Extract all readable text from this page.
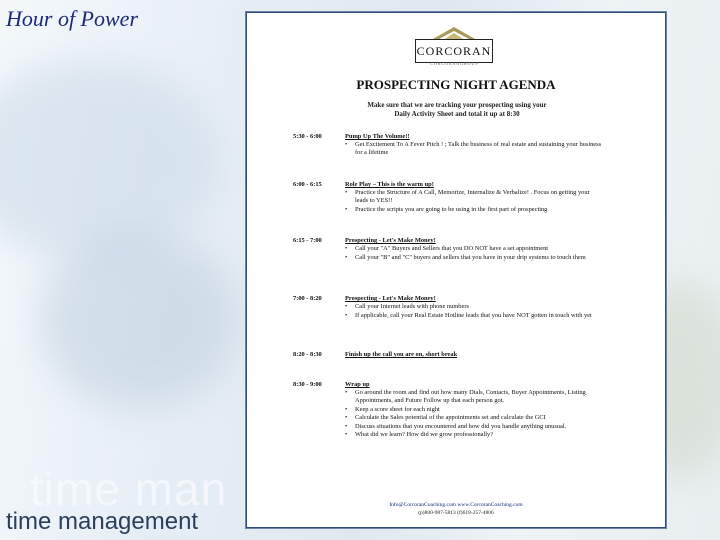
Hour of Power
time man
time management
CORCORAN
C O R C O R A N G R O U P
PROSPECTING NIGHT AGENDA
Make sure that we are tracking your prospecting using your
Daily Activity Sheet and total it up at 8:30
5:30 - 6:00	Pump Up The Volume!!
• Get Excitement To A Fever Pitch ! ; Talk the business of real estate and sustaining your business for a lifetime
6:00 - 6:15	Role Play – This is the warm up!
• Practice the Structure of A Call, Memorize, Internalize & Verbalize! . Focus on getting your leads to YES!!
• Practice the scripts you are going to be using in the first part of prospecting
6:15 - 7:00	Prospecting - Let's Make Money!
• Call your "A" Buyers and Sellers that you DO NOT have a set appointment
• Call your "B" and "C" buyers and sellers that you have in your drip systems to touch them
7:00 - 8:20	Prospecting - Let's Make Money!
• Call your Internet leads with phone numbers
• If applicable, call your Real Estate Hotline leads that you have NOT gotten in touch with yet
8:20 - 8:30	Finish up the call you are on, short break
8:30 - 9:00	Wrap up
• Go around the room and find out how many Dials, Contacts, Buyer Appointments, Listing Appointments, and Future Follow up that each person got.
• Keep a score sheet for each night
• Calculate the Sales potential of the appointments set and calculate the GCI
• Discuss situations that you encountered and how did you handle anything unusual.
• What did we learn? How did we grow professionally?
Info@CorcoranCoaching.com www.CorcoranCoaching.com
(p)800-987-5813 (f)618-257-4806
